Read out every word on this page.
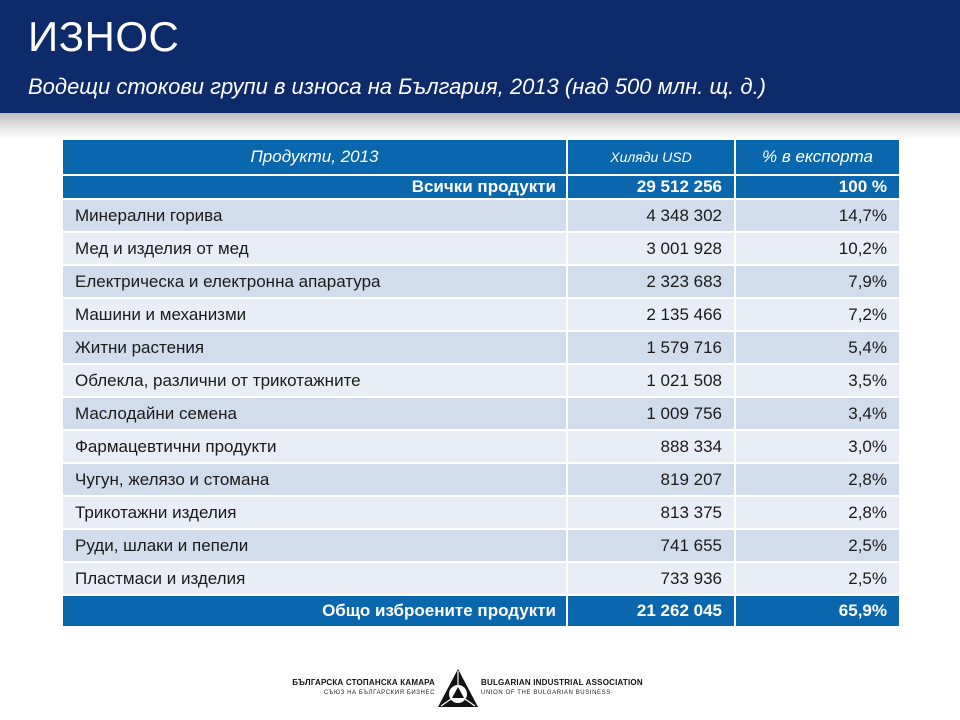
ИЗНОС
Водещи стокови групи в износа на България, 2013 (над 500 млн. щ. д.)
Продукти, 2013	Хиляди USD	% в експорта
Всички продукти	29 512 256	100 %
Минерални горива	4 348 302	14,7%
Мед и изделия от мед	3 001 928	10,2%
Електрическа и електронна апаратура	2 323 683	7,9%
Машини и механизми	2 135 466	7,2%
Житни растения	1 579 716	5,4%
Облекла, различни от трикотажните	1 021 508	3,5%
Маслодайни семена	1 009 756	3,4%
Фармацевтични продукти	888 334	3,0%
Чугун, желязо и стомана	819 207	2,8%
Трикотажни изделия	813 375	2,8%
Руди, шлаки и пепели	741 655	2,5%
Пластмаси и изделия	733 936	2,5%
Общо изброените продукти	21 262 045	65,9%
БЪЛГАРСКА СТОПАНСКА КАМАРА
СЪЮЗ НА БЪЛГАРСКИЯ БИЗНЕС
BULGARIAN INDUSTRIAL ASSOCIATION
UNION OF THE BULGARIAN BUSINESS
